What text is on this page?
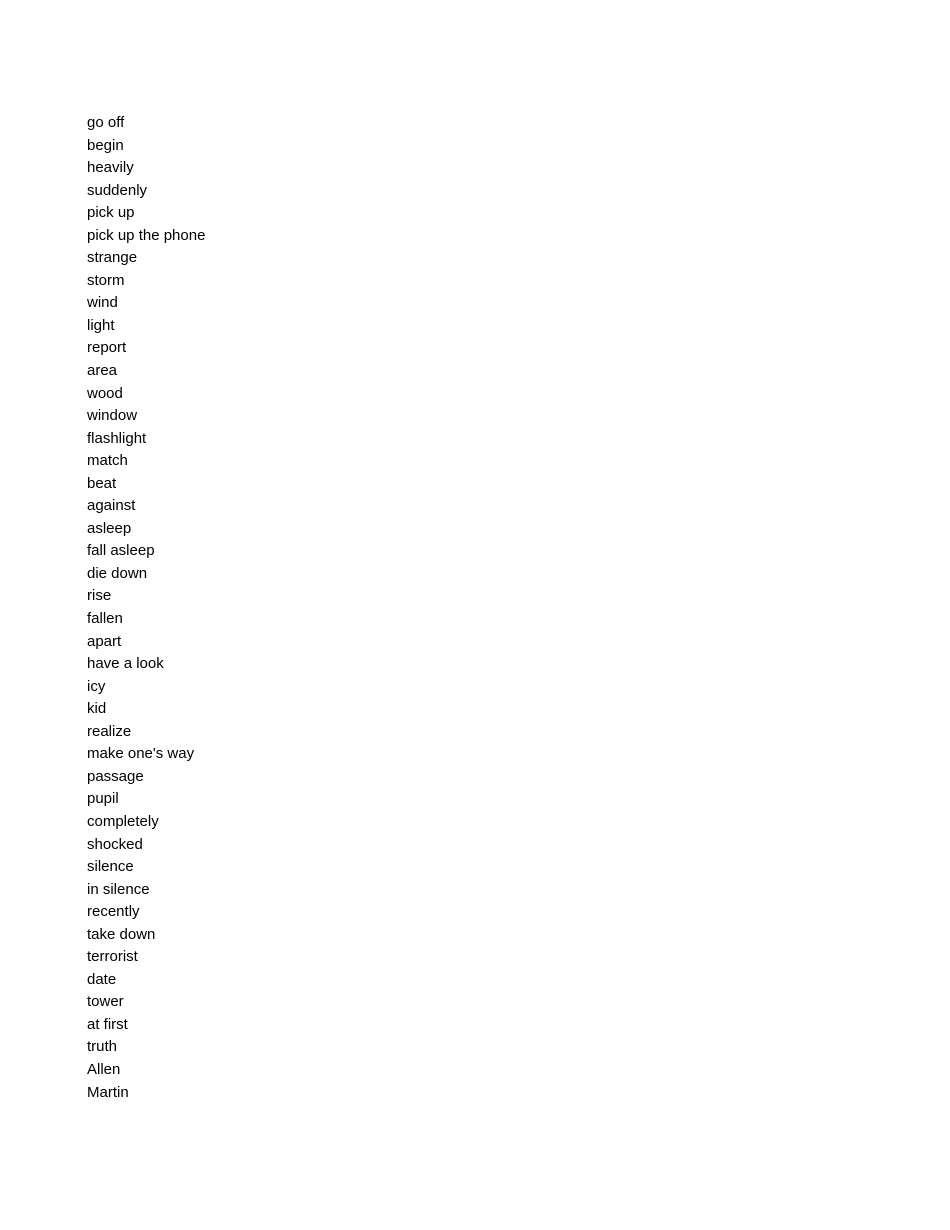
go off
begin
heavily
suddenly
pick up
pick up the phone
strange
storm
wind
light
report
area
wood
window
flashlight
match
beat
against
asleep
fall asleep
die down
rise
fallen
apart
have a look
icy
kid
realize
make one's way
passage
pupil
completely
shocked
silence
in silence
recently
take down
terrorist
date
tower
at first
truth
Allen
Martin
